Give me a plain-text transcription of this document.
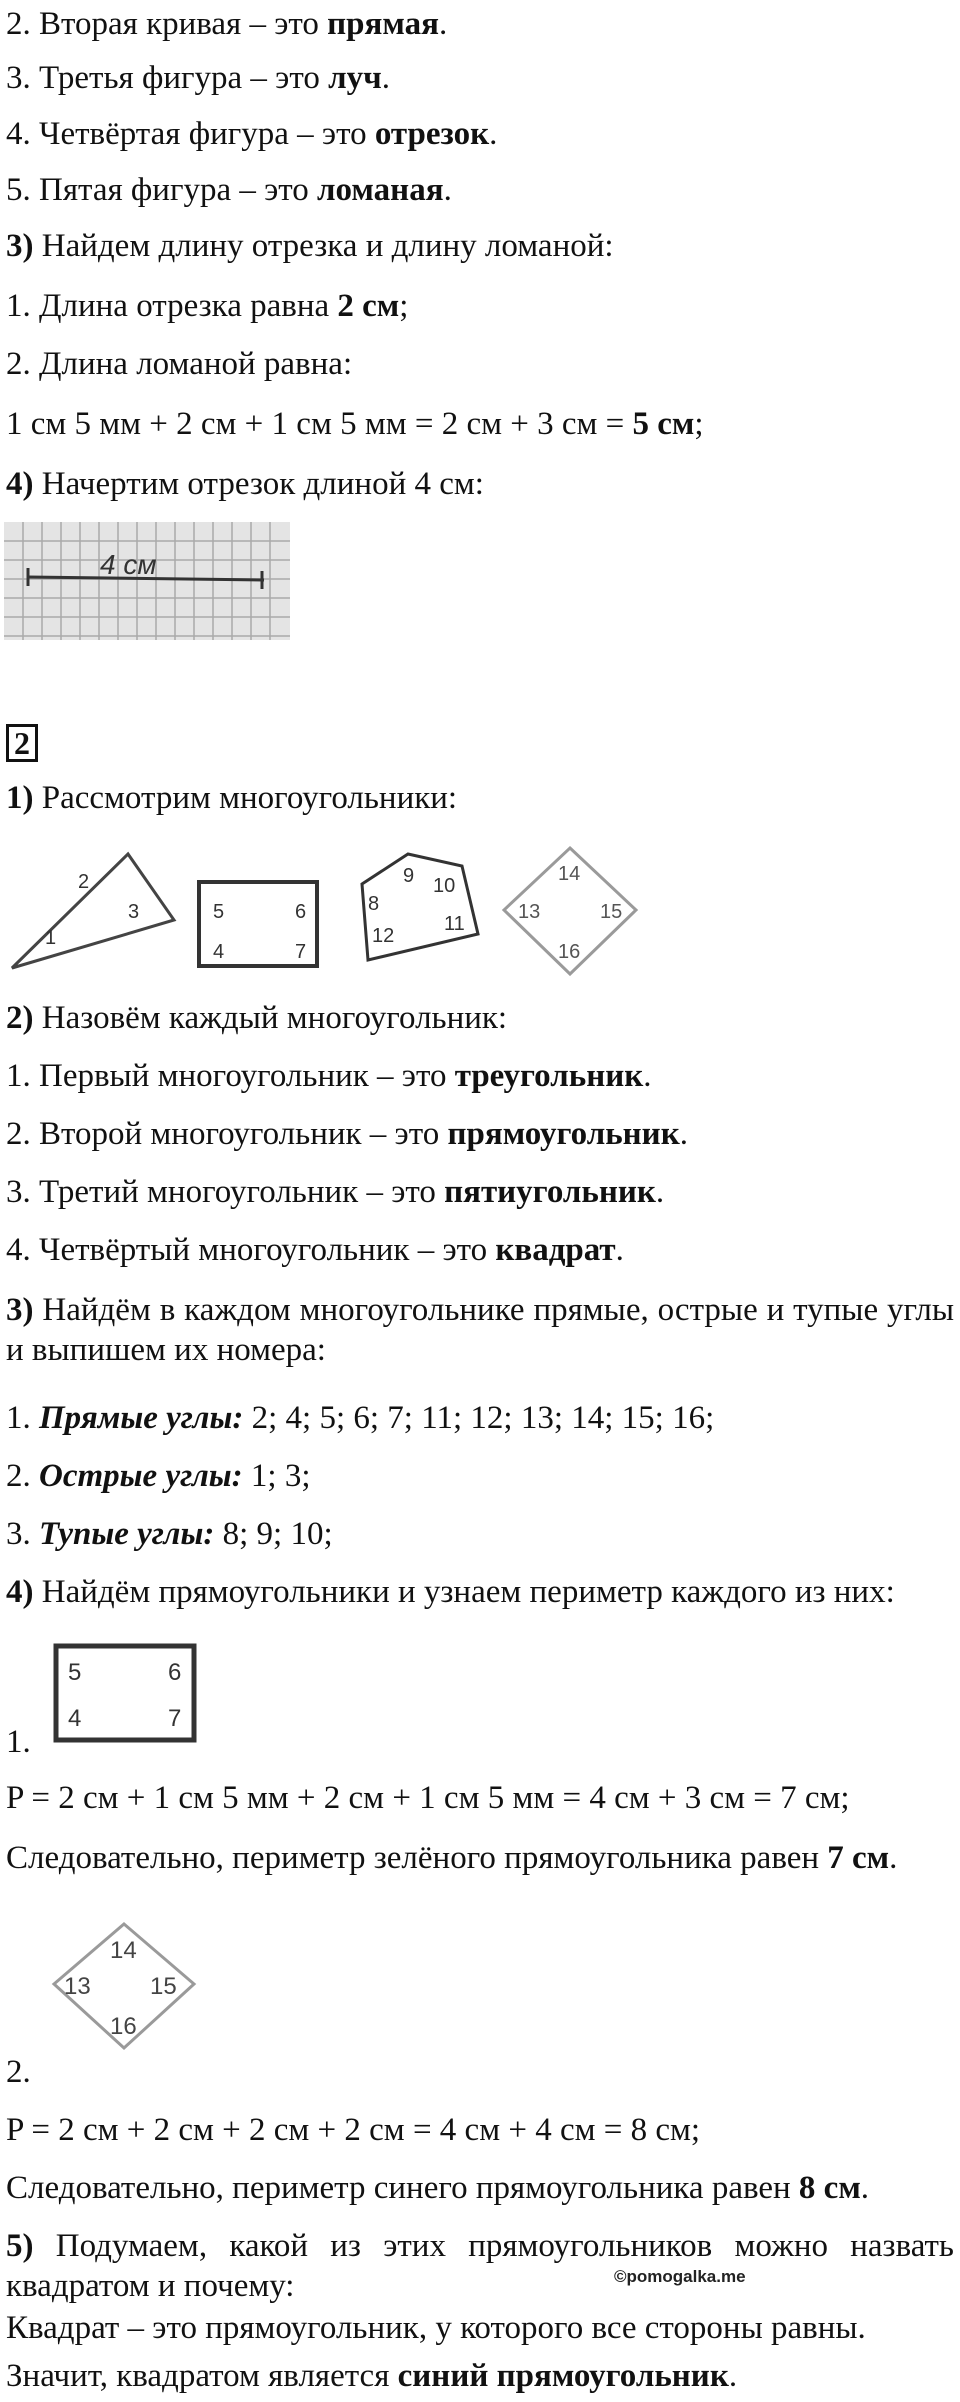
2. Вторая кривая – это прямая.
3. Третья фигура – это луч.
4. Четвёртая фигура – это отрезок.
5. Пятая фигура – это ломаная.
3) Найдем длину отрезка и длину ломаной:
1. Длина отрезка равна 2 см;
2. Длина ломаной равна:
1 см 5 мм + 2 см + 1 см 5 мм = 2 см + 3 см = 5 см;
4) Начертим отрезок длиной 4 см:
4 см
2
1) Рассмотрим многоугольники:
1
2
3	5	6
4	7
9 10
8
11
12
14
13	15
16
2) Назовём каждый многоугольник:
1. Первый многоугольник – это треугольник.
2. Второй многоугольник – это прямоугольник.
3. Третий многоугольник – это пятиугольник.
4. Четвёртый многоугольник – это квадрат.
3) Найдём в каждом многоугольнике прямые, острые и тупые углы и выпишем их номера:
1. Прямые углы: 2; 4; 5; 6; 7; 11; 12; 13; 14; 15; 16;
2. Острые углы: 1; 3;
3. Тупые углы: 8; 9; 10;
4) Найдём прямоугольники и узнаем периметр каждого из них:
5	6
4	7
1.
P = 2 см + 1 см 5 мм + 2 см + 1 см 5 мм = 4 см + 3 см = 7 см;
Следовательно, периметр зелёного прямоугольника равен 7 см.
14
13 15
16
2.
P = 2 см + 2 см + 2 см + 2 см = 4 см + 4 см = 8 см;
Следовательно, периметр синего прямоугольника равен 8 см.
5) Подумаем, какой из этих прямоугольников можно назвать квадратом и почему:	©pomogalka.me
Квадрат – это прямоугольник, у которого все стороны равны.
Значит, квадратом является синий прямоугольник.
